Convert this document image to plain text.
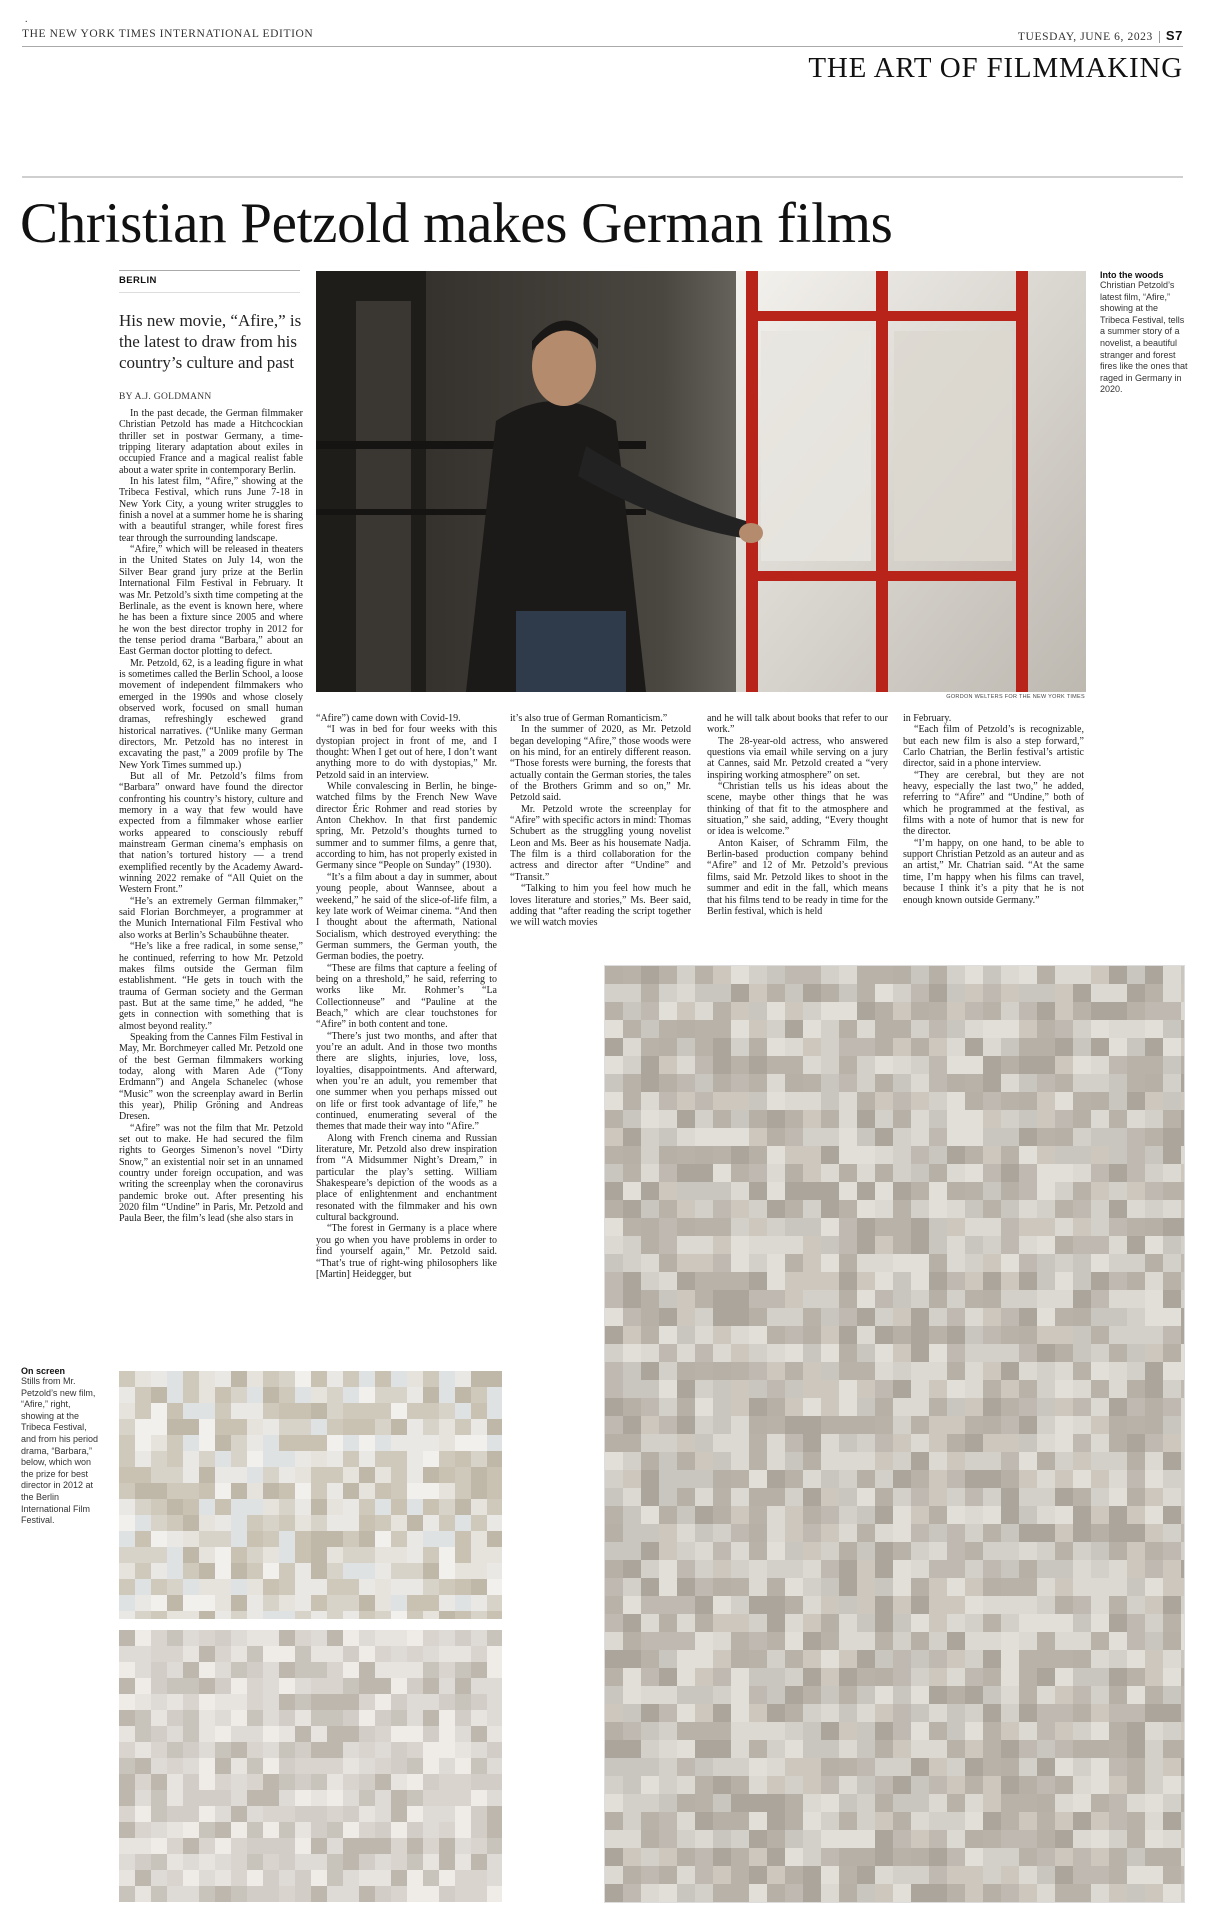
.
THE NEW YORK TIMES INTERNATIONAL EDITION	TUESDAY, JUNE 6, 2023 S7
THE ART OF FILMMAKING
Christian Petzold makes German films
BERLIN
His new movie, “Afire,” is the latest to draw from his country’s culture and past
BY A.J. GOLDMANN

In the past decade, the German filmmaker Christian Petzold has made a Hitchcockian thriller set in postwar Germany, a time-tripping literary adaptation about exiles in occupied France and a magical realist fable about a water sprite in contemporary Berlin.

In his latest film, “Afire,” showing at the Tribeca Festival, which runs June 7-18 in New York City, a young writer struggles to finish a novel at a summer home he is sharing with a beautiful stranger, while forest fires tear through the surrounding landscape.

“Afire,” which will be released in theaters in the United States on July 14, won the Silver Bear grand jury prize at the Berlin International Film Festival in February. It was Mr. Petzold’s sixth time competing at the Berlinale, as the event is known here, where he has been a fixture since 2005 and where he won the best director trophy in 2012 for the tense period drama “Barbara,” about an East German doctor plotting to defect.

Mr. Petzold, 62, is a leading figure in what is sometimes called the Berlin School, a loose movement of independent filmmakers who emerged in the 1990s and whose closely observed work, focused on small human dramas, refreshingly eschewed grand historical narratives. (“Unlike many German directors, Mr. Petzold has no interest in excavating the past,” a 2009 profile by The New York Times summed up.)

But all of Mr. Petzold’s films from “Barbara” onward have found the director confronting his country’s history, culture and memory in a way that few would have expected from a filmmaker whose earlier works appeared to consciously rebuff mainstream German cinema’s emphasis on that nation’s tortured history — a trend exemplified recently by the Academy Award-winning 2022 remake of “All Quiet on the Western Front.”

“He’s an extremely German filmmaker,” said Florian Borchmeyer, a programmer at the Munich International Film Festival who also works at Berlin’s Schaubühne theater.

“He’s like a free radical, in some sense,” he continued, referring to how Mr. Petzold makes films outside the German film establishment. “He gets in touch with the trauma of German society and the German past. But at the same time,” he added, “he gets in connection with something that is almost beyond reality.”

Speaking from the Cannes Film Festival in May, Mr. Borchmeyer called Mr. Petzold one of the best German filmmakers working today, along with Maren Ade (“Tony Erdmann”) and Angela Schanelec (whose “Music” won the screenplay award in Berlin this year), Philip Gröning and Andreas Dresen.

“Afire” was not the film that Mr. Petzold set out to make. He had secured the film rights to Georges Simenon’s novel “Dirty Snow,” an existential noir set in an unnamed country under foreign occupation, and was writing the screenplay when the coronavirus pandemic broke out. After presenting his 2020 film “Undine” in Paris, Mr. Petzold and Paula Beer, the film’s lead (she also stars in

“Afire”) came down with Covid-19.

“I was in bed for four weeks with this dystopian project in front of me, and I thought: When I get out of here, I don’t want anything more to do with dystopias,” Mr. Petzold said in an interview.

While convalescing in Berlin, he binge-watched films by the French New Wave director Éric Rohmer and read stories by Anton Chekhov. In that first pandemic spring, Mr. Petzold’s thoughts turned to summer and to summer films, a genre that, according to him, has not properly existed in Germany since “People on Sunday” (1930).

“It’s a film about a day in summer, about young people, about Wannsee, about a weekend,” he said of the slice-of-life film, a key late work of Weimar cinema. “And then I thought about the aftermath, National Socialism, which destroyed everything: the German summers, the German youth, the German bodies, the poetry.

“These are films that capture a feeling of being on a threshold,” he said, referring to works like Mr. Rohmer’s “La Collectionneuse” and “Pauline at the Beach,” which are clear touchstones for “Afire” in both content and tone.

“There’s just two months, and after that you’re an adult. And in those two months there are slights, injuries, love, loss, loyalties, disappointments. And afterward, when you’re an adult, you remember that one summer when you perhaps missed out on life or first took advantage of life,” he continued, enumerating several of the themes that made their way into “Afire.”

Along with French cinema and Russian literature, Mr. Petzold also drew inspiration from “A Midsummer Night’s Dream,” in particular the play’s setting. William Shakespeare’s depiction of the woods as a place of enlightenment and enchantment resonated with the filmmaker and his own cultural background.

“The forest in Germany is a place where you go when you have problems in order to find yourself again,” Mr. Petzold said. “That’s true of right-wing philosophers like [Martin] Heidegger, but

it’s also true of German Romanticism.”

In the summer of 2020, as Mr. Petzold began developing “Afire,” those woods were on his mind, for an entirely different reason. “Those forests were burning, the forests that actually contain the German stories, the tales of the Brothers Grimm and so on,” Mr. Petzold said.

Mr. Petzold wrote the screenplay for “Afire” with specific actors in mind: Thomas Schubert as the struggling young novelist Leon and Ms. Beer as his housemate Nadja. The film is a third collaboration for the actress and director after “Undine” and “Transit.”

“Talking to him you feel how much he loves literature and stories,” Ms. Beer said, adding that “after reading the script together we will watch movies

and he will talk about books that refer to our work.”

The 28-year-old actress, who answered questions via email while serving on a jury at Cannes, said Mr. Petzold created a “very inspiring working atmosphere” on set.

“Christian tells us his ideas about the scene, maybe other things that he was thinking of that fit to the atmosphere and situation,” she said, adding, “Every thought or idea is welcome.”

Anton Kaiser, of Schramm Film, the Berlin-based production company behind “Afire” and 12 of Mr. Petzold’s previous films, said Mr. Petzold likes to shoot in the summer and edit in the fall, which means that his films tend to be ready in time for the Berlin festival, which is held

in February.

“Each film of Petzold’s is recognizable, but each new film is also a step forward,” Carlo Chatrian, the Berlin festival’s artistic director, said in a phone interview.

“They are cerebral, but they are not heavy, especially the last two,” he added, referring to “Afire” and “Undine,” both of which he programmed at the festival, as films with a note of humor that is new for the director.

“I’m happy, on one hand, to be able to support Christian Petzold as an auteur and as an artist,” Mr. Chatrian said. “At the same time, I’m happy when his films can travel, because I think it’s a pity that he is not enough known outside Germany.”

GORDON WELTERS FOR THE NEW YORK TIMES
Into the woods
Christian Petzold’s latest film, “Afire,” showing at the Tribeca Festival, tells a summer story of a novelist, a beautiful stranger and forest fires like the ones that raged in Germany in 2020.
On screen
Stills from Mr. Petzold’s new film, “Afire,” right, showing at the Tribeca Festival, and from his period drama, “Barbara,” below, which won the prize for best director in 2012 at the Berlin International Film Festival.
